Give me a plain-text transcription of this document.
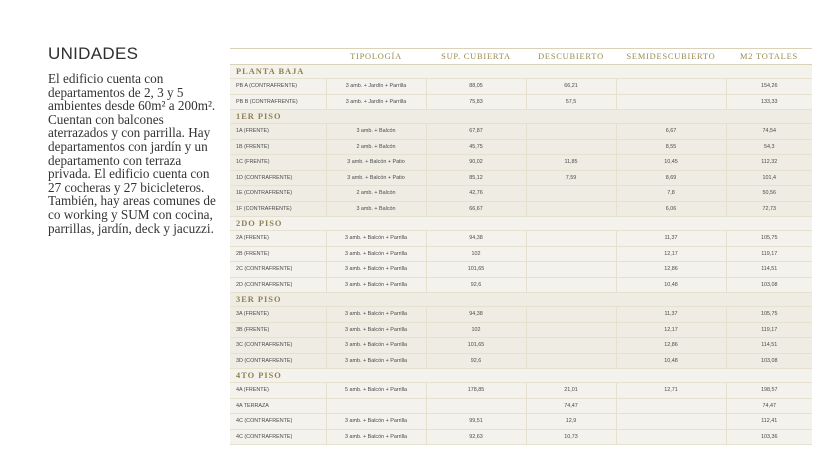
UNIDADES

El edificio cuenta con departamentos de 2, 3 y 5 ambientes desde 60m² a 200m². Cuentan con balcones aterrazados y con parrilla. Hay departamentos con jardín y un departamento con terraza privada. El edificio cuenta con 27 cocheras y 27 bicicleteros. También, hay areas comunes de co working y SUM con cocina, parrillas, jardín, deck y jacuzzi.

	TIPOLOGÍA	SUP. CUBIERTA	DESCUBIERTO	SEMIDESCUBIERTO	M2 TOTALES
PLANTA BAJA					
PB A (CONTRAFRENTE)	3 amb. + Jardín + Parrilla	88,05	66,21		154,26
PB B (CONTRAFRENTE)	3 amb. + Jardín + Parrilla	75,83	57,5		133,33
1ER PISO					
1A (FRENTE)	3 amb. + Balcón	67,87		6,67	74,54
1B (FRENTE)	2 amb. + Balcón	45,75		8,55	54,3
1C (FRENTE)	3 amb. + Balcón + Patio	90,02	11,85	10,45	112,32
1D (CONTRAFRENTE)	3 amb. + Balcón + Patio	85,12	7,59	8,69	101,4
1E (CONTRAFRENTE)	2 amb. + Balcón	42,76		7,8	50,56
1F (CONTRAFRENTE)	3 amb. + Balcón	66,67		6,06	72,73
2DO PISO					
2A (FRENTE)	3 amb. + Balcón + Parrilla	94,38		11,37	105,75
2B (FRENTE)	3 amb. + Balcón + Parrilla	102		12,17	119,17
2C (CONTRAFRENTE)	3 amb. + Balcón + Parrilla	101,65		12,86	114,51
2D (CONTRAFRENTE)	3 amb. + Balcón + Parrilla	92,6		10,48	103,08
3ER PISO					
3A (FRENTE)	3 amb. + Balcón + Parrilla	94,38		11,37	105,75
3B (FRENTE)	3 amb. + Balcón + Parrilla	102		12,17	119,17
3C (CONTRAFRENTE)	3 amb. + Balcón + Parrilla	101,65		12,86	114,51
3D (CONTRAFRENTE)	3 amb. + Balcón + Parrilla	92,6		10,48	103,08
4TO PISO					
4A (FRENTE)	5 amb. + Balcón + Parrilla	178,85	21,01	12,71	198,57
4A TERRAZA			74,47		74,47
4C (CONTRAFRENTE)	3 amb. + Balcón + Parrilla	99,51	12,9		112,41
4C (CONTRAFRENTE)	3 amb. + Balcón + Parrilla	92,63	10,73		103,36
